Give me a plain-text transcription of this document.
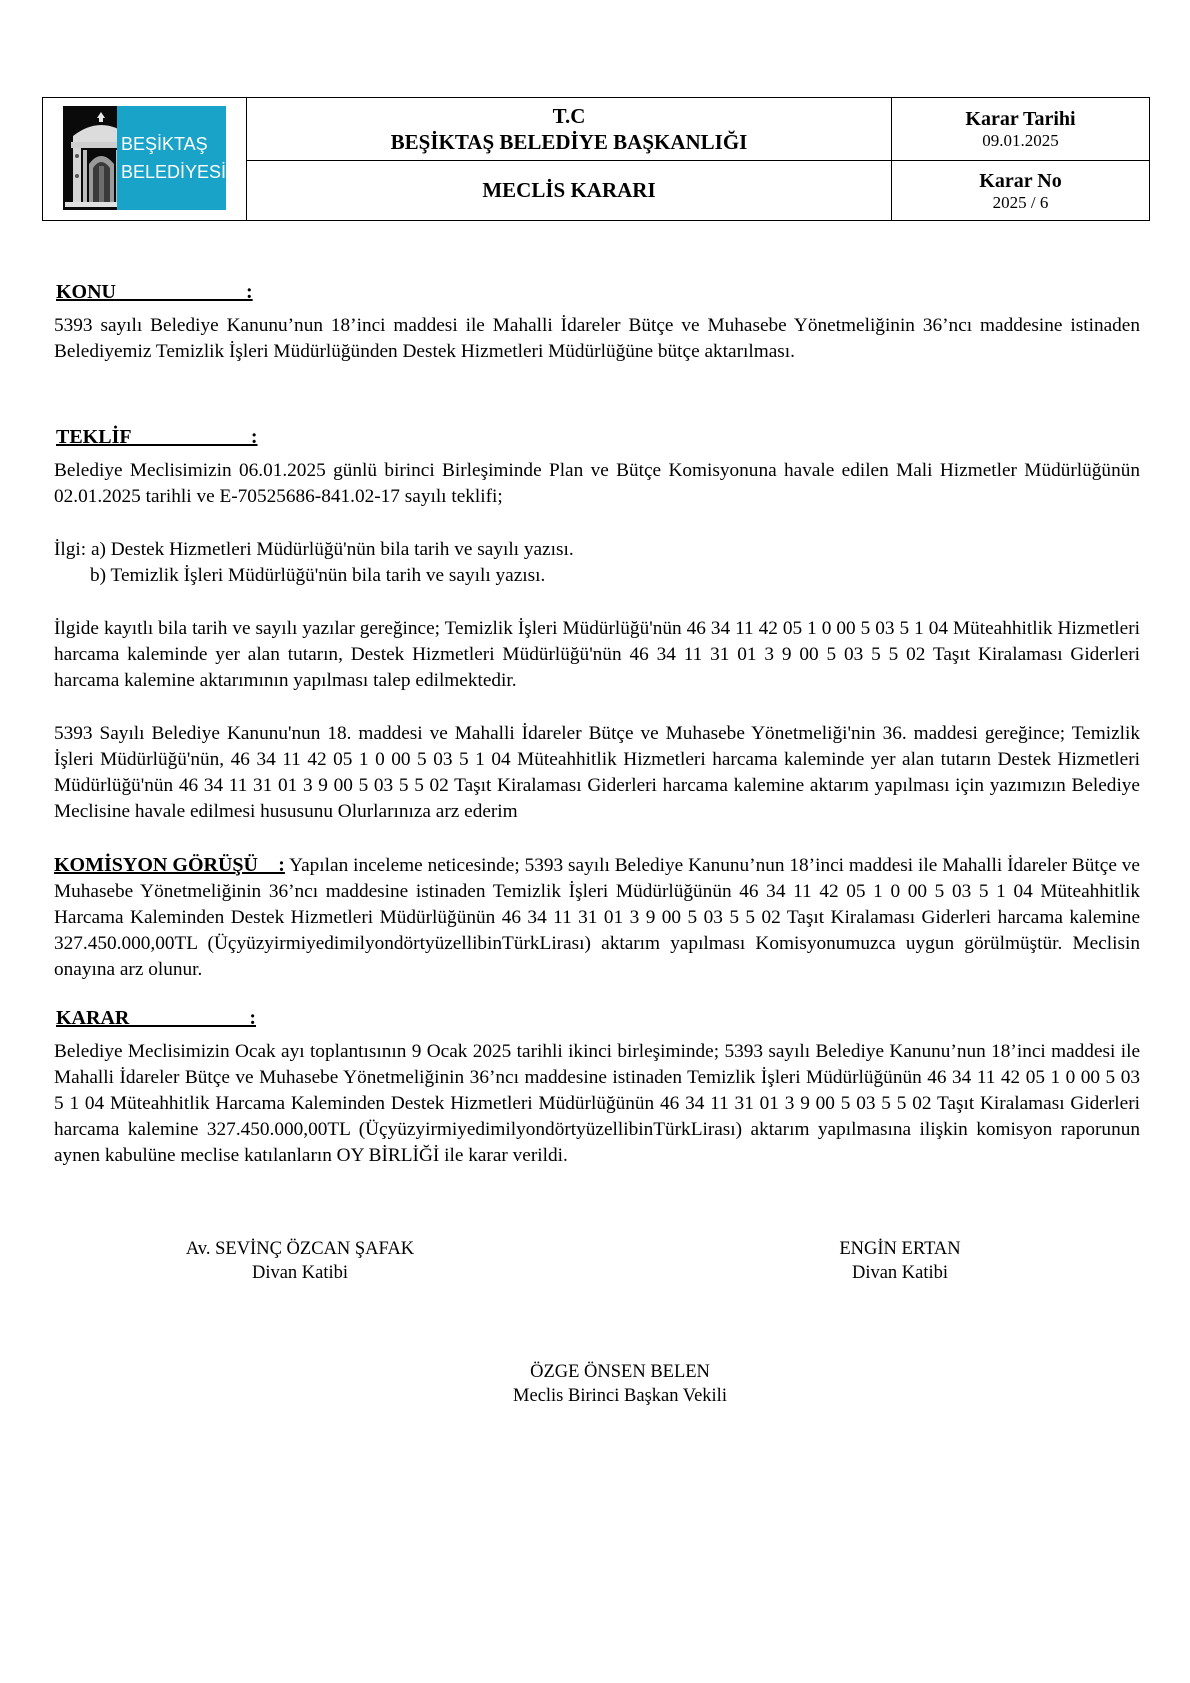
BEŞİKTAŞ
BELEDİYESİ
T.C
BEŞİKTAŞ BELEDİYE BAŞKANLIĞI
MECLİS KARARI
Karar Tarihi
09.01.2025
Karar No
2025 / 6
KONU                          :
5393 sayılı Belediye Kanunu’nun 18’inci maddesi ile Mahalli İdareler Bütçe ve Muhasebe Yönetmeliğinin 36’ncı maddesine istinaden Belediyemiz Temizlik İşleri Müdürlüğünden Destek Hizmetleri Müdürlüğüne bütçe aktarılması.
TEKLİF                        :
Belediye Meclisimizin 06.01.2025 günlü birinci Birleşiminde Plan ve Bütçe Komisyonuna havale edilen Mali Hizmetler Müdürlüğünün 02.01.2025 tarihli ve E-70525686-841.02-17 sayılı teklifi;
İlgi: a) Destek Hizmetleri Müdürlüğü'nün bila tarih ve sayılı yazısı.
b) Temizlik İşleri Müdürlüğü'nün bila tarih ve sayılı yazısı.
İlgide kayıtlı bila tarih ve sayılı yazılar gereğince; Temizlik İşleri Müdürlüğü'nün 46 34 11 42 05 1 0 00 5 03 5 1 04 Müteahhitlik Hizmetleri harcama kaleminde yer alan tutarın, Destek Hizmetleri Müdürlüğü'nün 46 34 11 31 01 3 9 00 5 03 5 5 02 Taşıt Kiralaması Giderleri harcama kalemine aktarımının yapılması talep edilmektedir.
5393 Sayılı Belediye Kanunu'nun 18. maddesi ve Mahalli İdareler Bütçe ve Muhasebe Yönetmeliği'nin 36. maddesi gereğince; Temizlik İşleri Müdürlüğü'nün, 46 34 11 42 05 1 0 00 5 03 5 1 04 Müteahhitlik Hizmetleri harcama kaleminde yer alan tutarın Destek Hizmetleri Müdürlüğü'nün 46 34 11 31 01 3 9 00 5 03 5 5 02 Taşıt Kiralaması Giderleri harcama kalemine aktarım yapılması için yazımızın Belediye Meclisine havale edilmesi hususunu Olurlarınıza arz ederim
KOMİSYON GÖRÜŞÜ    : Yapılan inceleme neticesinde; 5393 sayılı Belediye Kanunu’nun 18’inci maddesi ile Mahalli İdareler Bütçe ve Muhasebe Yönetmeliğinin 36’ncı maddesine istinaden Temizlik İşleri Müdürlüğünün 46 34 11 42 05 1 0 00 5 03 5 1 04 Müteahhitlik Harcama Kaleminden Destek Hizmetleri Müdürlüğünün 46 34 11 31 01 3 9 00 5 03 5 5 02 Taşıt Kiralaması Giderleri harcama kalemine 327.450.000,00TL (ÜçyüzyirmiyedimilyondörtyüzellibinTürkLirası) aktarım yapılması Komisyonumuzca uygun görülmüştür. Meclisin onayına arz olunur.
KARAR                        :
Belediye Meclisimizin Ocak ayı toplantısının 9 Ocak 2025 tarihli ikinci birleşiminde; 5393 sayılı Belediye Kanunu’nun 18’inci maddesi ile Mahalli İdareler Bütçe ve Muhasebe Yönetmeliğinin 36’ncı maddesine istinaden Temizlik İşleri Müdürlüğünün 46 34 11 42 05 1 0 00 5 03 5 1 04 Müteahhitlik Harcama Kaleminden Destek Hizmetleri Müdürlüğünün 46 34 11 31 01 3 9 00 5 03 5 5 02 Taşıt Kiralaması Giderleri harcama kalemine 327.450.000,00TL (ÜçyüzyirmiyedimilyondörtyüzellibinTürkLirası) aktarım yapılmasına ilişkin komisyon raporunun aynen kabulüne meclise katılanların OY BİRLİĞİ ile karar verildi.
Av. SEVİNÇ ÖZCAN ŞAFAK
Divan Katibi
ENGİN ERTAN
Divan Katibi
ÖZGE ÖNSEN BELEN
Meclis Birinci Başkan Vekili
